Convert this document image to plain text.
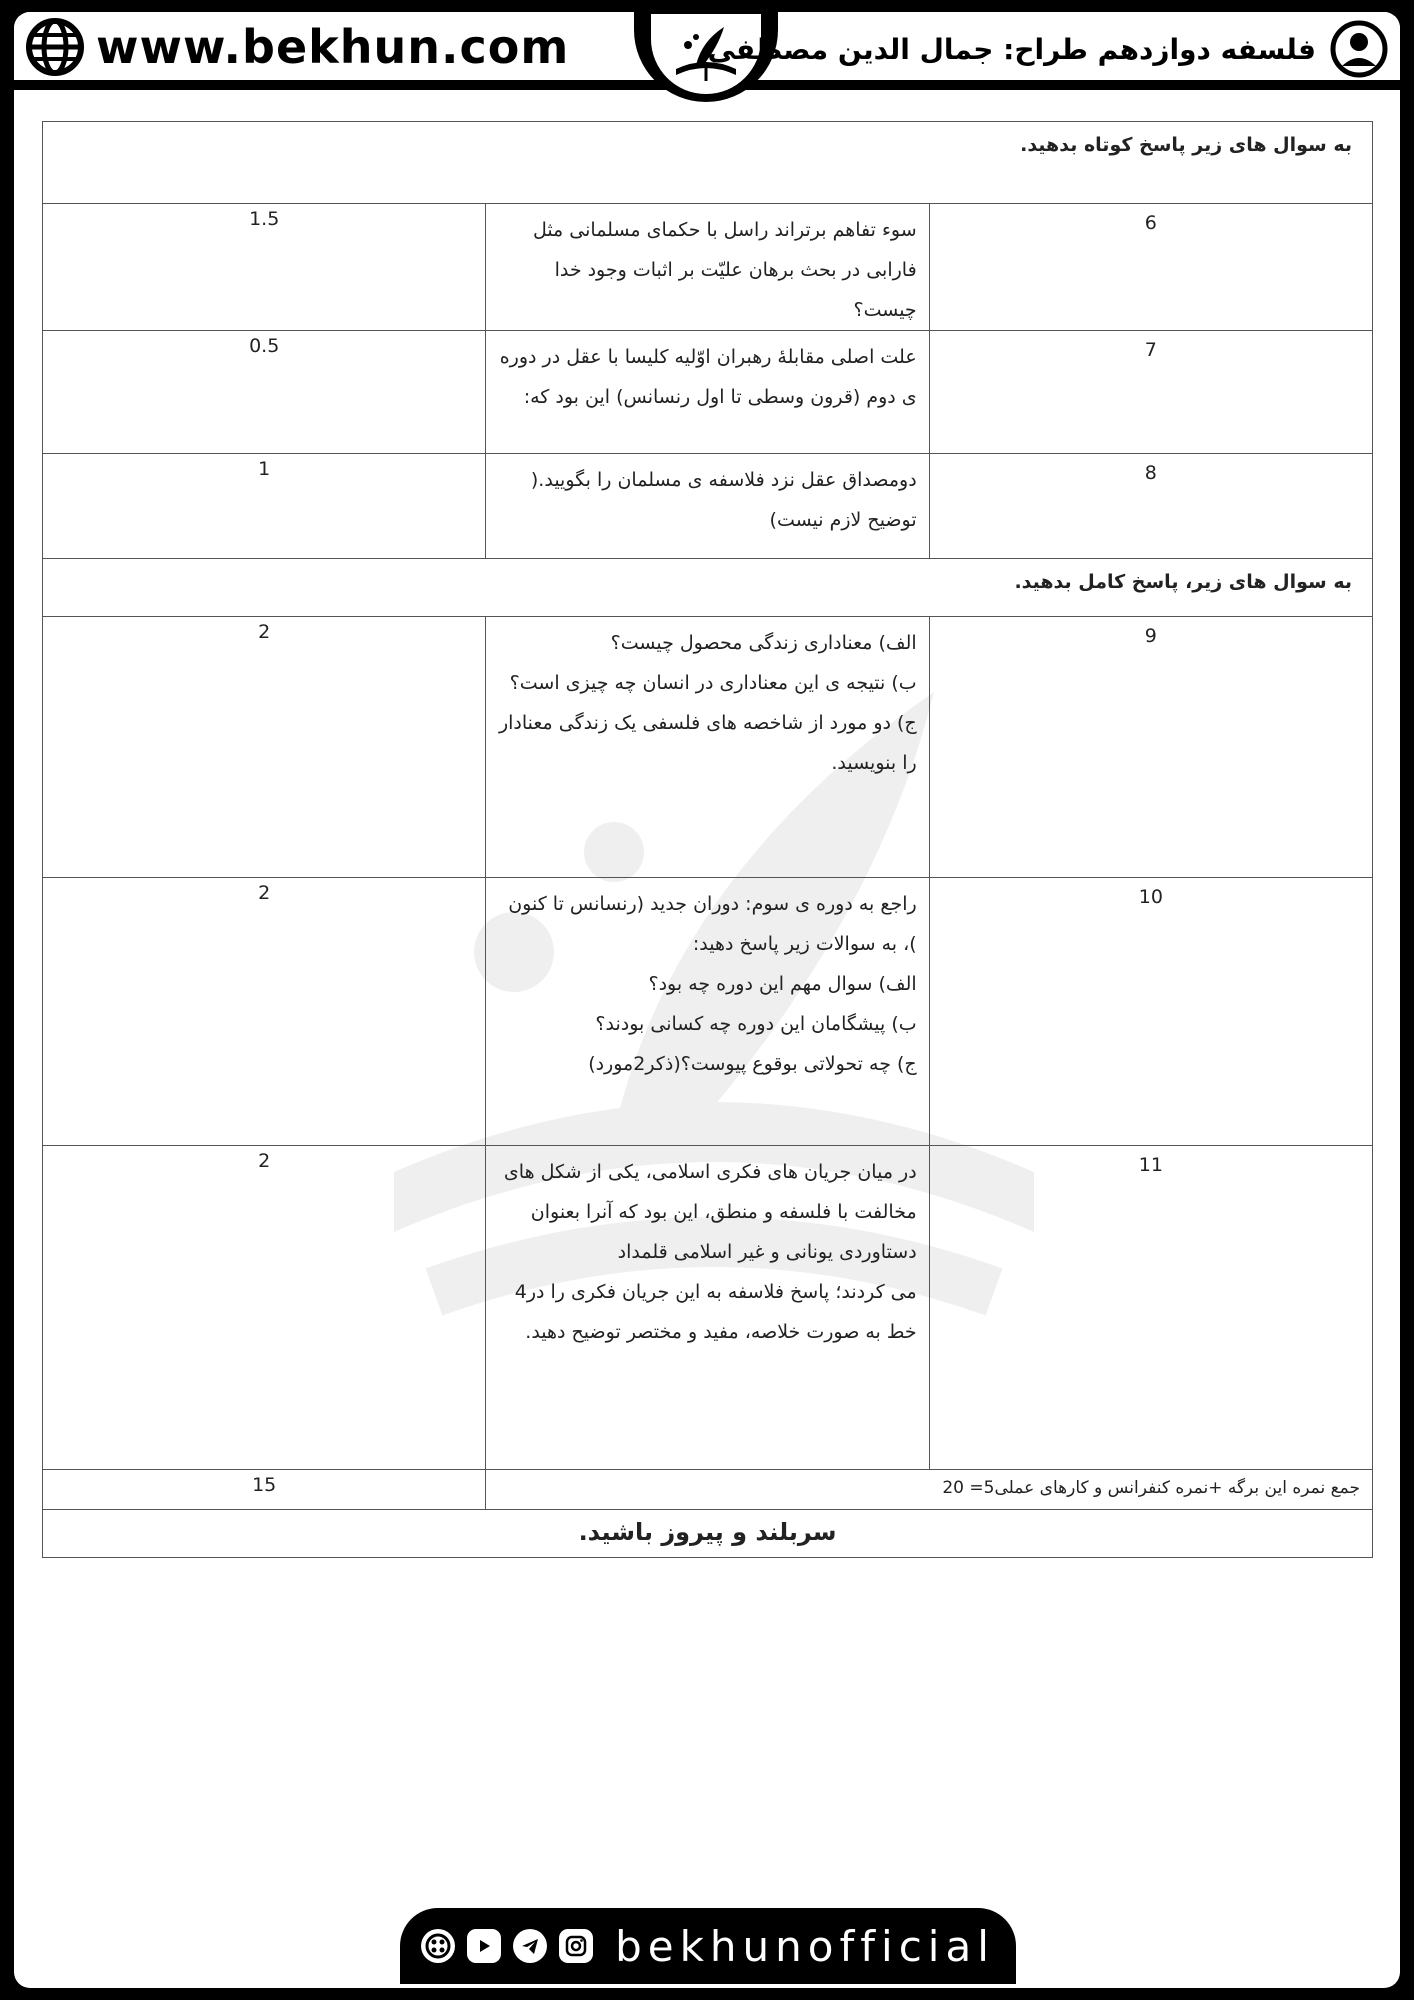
www.bekhun.com	فلسفه دوازدهم طراح: جمال الدین مصطفی
به سوال های زیر پاسخ کوتاه بدهید.		
6	سوء تفاهم برتراند راسل با حکمای مسلمانی مثل فارابی در بحث برهان علیّت بر اثبات وجود خدا چیست؟	1.5
7	علت اصلی مقابلهٔ رهبران اوّلیه کلیسا با عقل در دوره ی دوم (قرون وسطی تا اول رنسانس) این بود که:	0.5
8	دومصداق عقل نزد فلاسفه ی مسلمان را بگویید.( توضیح لازم نیست)	1
به سوال های زیر، پاسخ کامل بدهید.		
9	الف) معناداری زندگی محصول چیست؟

ب) نتیجه ی این معناداری در انسان چه چیزی است؟

ج) دو مورد از شاخصه های فلسفی یک زندگی معنادار را بنویسید.	2
10	راجع به دوره ی سوم: دوران جدید (رنسانس تا کنون )، به سوالات زیر پاسخ دهید:

الف) سوال مهم این دوره چه بود؟

ب) پیشگامان این دوره چه کسانی بودند؟

ج) چه تحولاتی بوقوع پیوست؟(ذکر2مورد)	2
11	در میان جریان های فکری اسلامی، یکی از شکل های مخالفت با فلسفه و منطق، این بود که آنرا بعنوان دستاوردی یونانی و غیر اسلامی قلمداد

می کردند؛ پاسخ فلاسفه به این جریان فکری را در4 خط به صورت خلاصه، مفید و مختصر توضیح دهید.	2
جمع نمره این برگه +نمره کنفرانس و کارهای عملی5= 20		15
سربلند و پیروز باشید.		
bekhunofficial
